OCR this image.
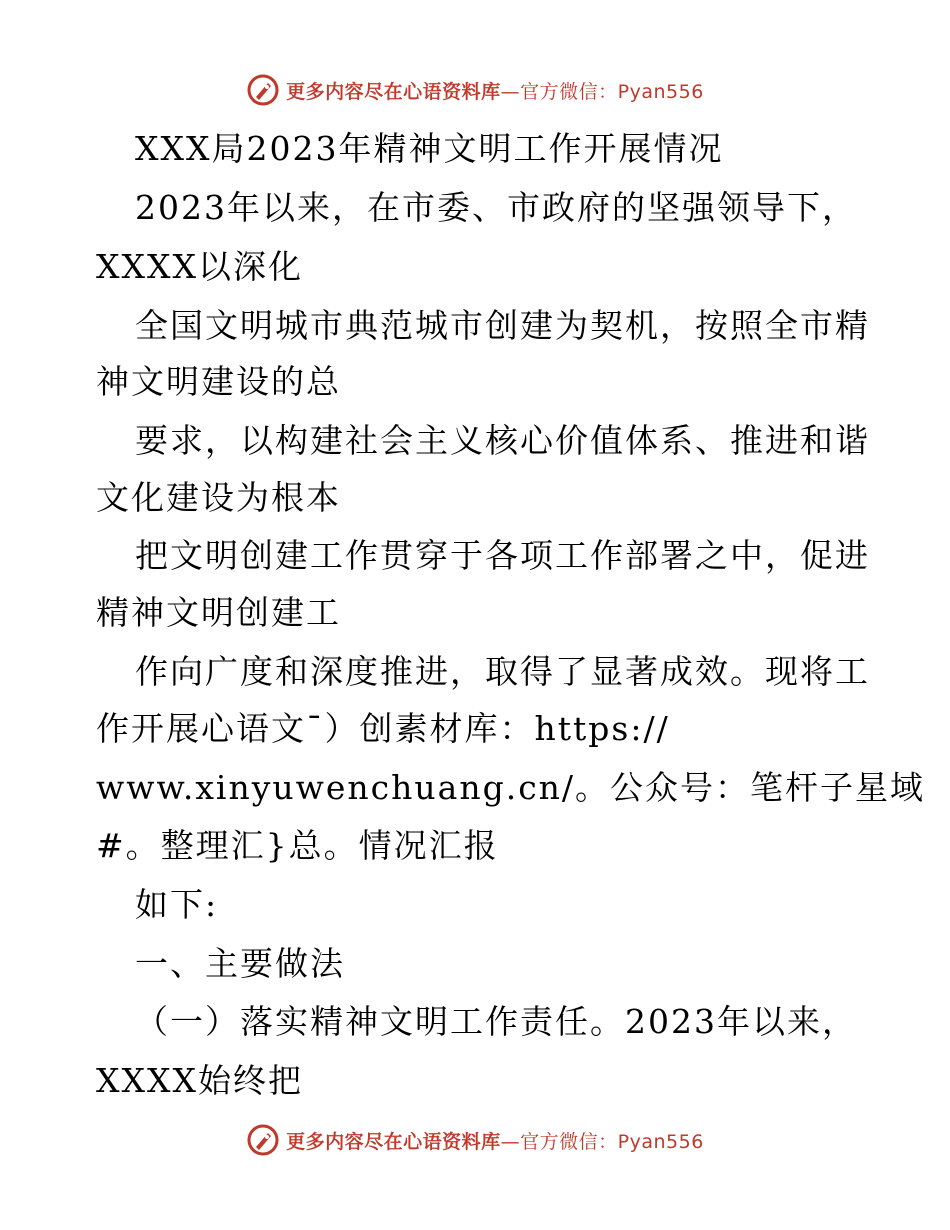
更多内容尽在心语资料库—官方微信：Pyan556
XXX局2023年精神文明工作开展情况
2023年以来，在市委、市政府的坚强领导下，
XXXX以深化
全国文明城市典范城市创建为契机，按照全市精
神文明建设的总
要求，以构建社会主义核心价值体系、推进和谐
文化建设为根本
把文明创建工作贯穿于各项工作部署之中，促进
精神文明创建工
作向广度和深度推进，取得了显著成效。现将工
作开展心语文¯）创素材库：https://
www.xinyuwenchuang.cn/。公众号：笔杆子星域
#。整理汇}总。情况汇报
如下:
一、主要做法
（一）落实精神文明工作责任。2023年以来，
XXXX始终把
更多内容尽在心语资料库—官方微信：Pyan556
